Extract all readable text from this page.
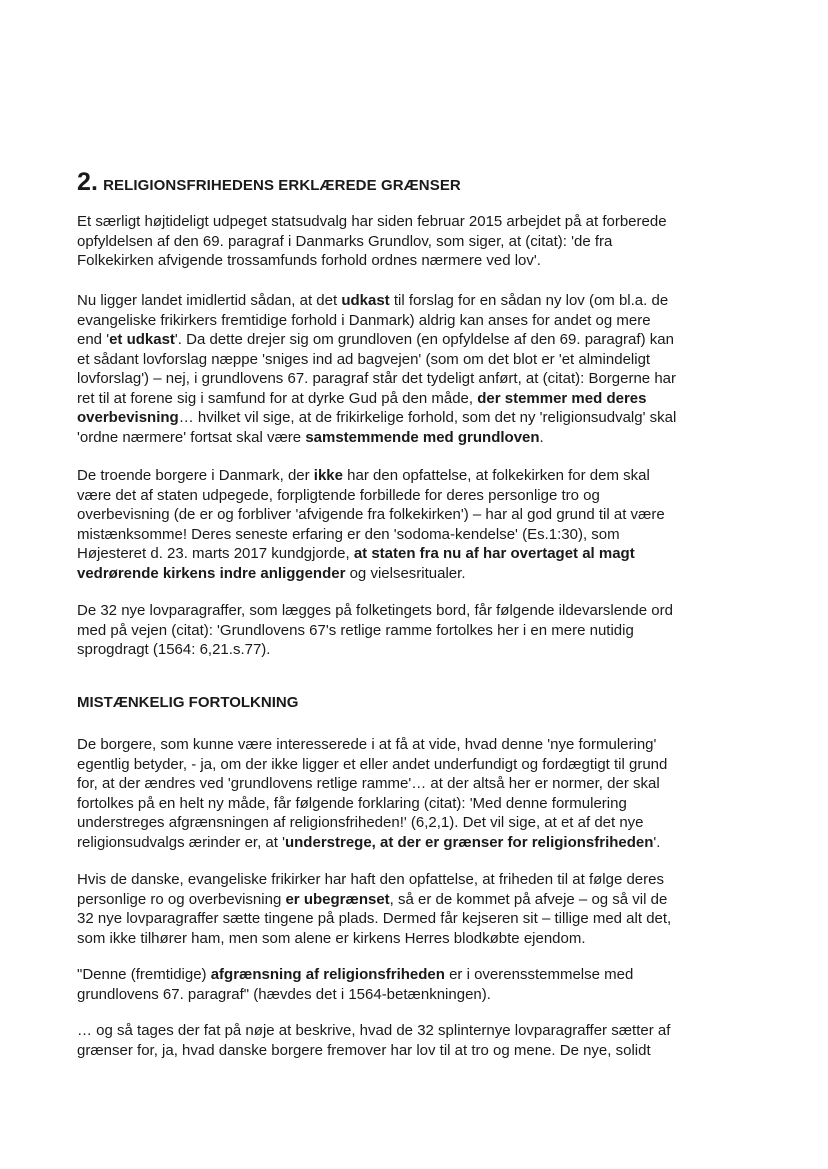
2. RELIGIONSFRIHEDENS ERKLÆREDE GRÆNSER
MISTÆNKELIG FORTOLKNING
Et særligt højtideligt udpeget statsudvalg har siden februar 2015 arbejdet på at forberede
opfyldelsen af den 69. paragraf i Danmarks Grundlov, som siger, at (citat): 'de fra
Folkekirken afvigende trossamfunds forhold ordnes nærmere ved lov'.
Nu ligger landet imidlertid sådan, at det udkast til forslag for en sådan ny lov (om bl.a. de
evangeliske frikirkers fremtidige forhold i Danmark) aldrig kan anses for andet og mere
end 'et udkast'. Da dette drejer sig om grundloven (en opfyldelse af den 69. paragraf) kan
et sådant lovforslag næppe 'sniges ind ad bagvejen' (som om det blot er 'et almindeligt
lovforslag') – nej, i grundlovens 67. paragraf står det tydeligt anført, at (citat): Borgerne har
ret til at forene sig i samfund for at dyrke Gud på den måde, der stemmer med deres
overbevisning… hvilket vil sige, at de frikirkelige forhold, som det ny 'religionsudvalg' skal
'ordne nærmere' fortsat skal være samstemmende med grundloven.
De troende borgere i Danmark, der ikke har den opfattelse, at folkekirken for dem skal
være det af staten udpegede, forpligtende forbillede for deres personlige tro og
overbevisning (de er og forbliver 'afvigende fra folkekirken') – har al god grund til at være
mistænksomme! Deres seneste erfaring er den 'sodoma-kendelse' (Es.1:30), som
Højesteret d. 23. marts 2017 kundgjorde, at staten fra nu af har overtaget al magt
vedrørende kirkens indre anliggender og vielsesritualer.
De 32 nye lovparagraffer, som lægges på folketingets bord, får følgende ildevarslende ord
med på vejen (citat): 'Grundlovens 67's retlige ramme fortolkes her i en mere nutidig
sprogdragt (1564: 6,21.s.77).
De borgere, som kunne være interesserede i at få at vide, hvad denne 'nye formulering'
egentlig betyder, - ja, om der ikke ligger et eller andet underfundigt og fordægtigt til grund
for, at der ændres ved 'grundlovens retlige ramme'… at der altså her er normer, der skal
fortolkes på en helt ny måde, får følgende forklaring (citat): 'Med denne formulering
understreges afgrænsningen af religionsfriheden!' (6,2,1). Det vil sige, at et af det nye
religionsudvalgs ærinder er, at 'understrege, at der er grænser for religionsfriheden'.
Hvis de danske, evangeliske frikirker har haft den opfattelse, at friheden til at følge deres
personlige ro og overbevisning er ubegrænset, så er de kommet på afveje – og så vil de
32 nye lovparagraffer sætte tingene på plads. Dermed får kejseren sit – tillige med alt det,
som ikke tilhører ham, men som alene er kirkens Herres blodkøbte ejendom.
"Denne (fremtidige) afgrænsning af religionsfriheden er i overensstemmelse med
grundlovens 67. paragraf" (hævdes det i 1564-betænkningen).
… og så tages der fat på nøje at beskrive, hvad de 32 splinternye lovparagraffer sætter af
grænser for, ja, hvad danske borgere fremover har lov til at tro og mene. De nye, solidt
